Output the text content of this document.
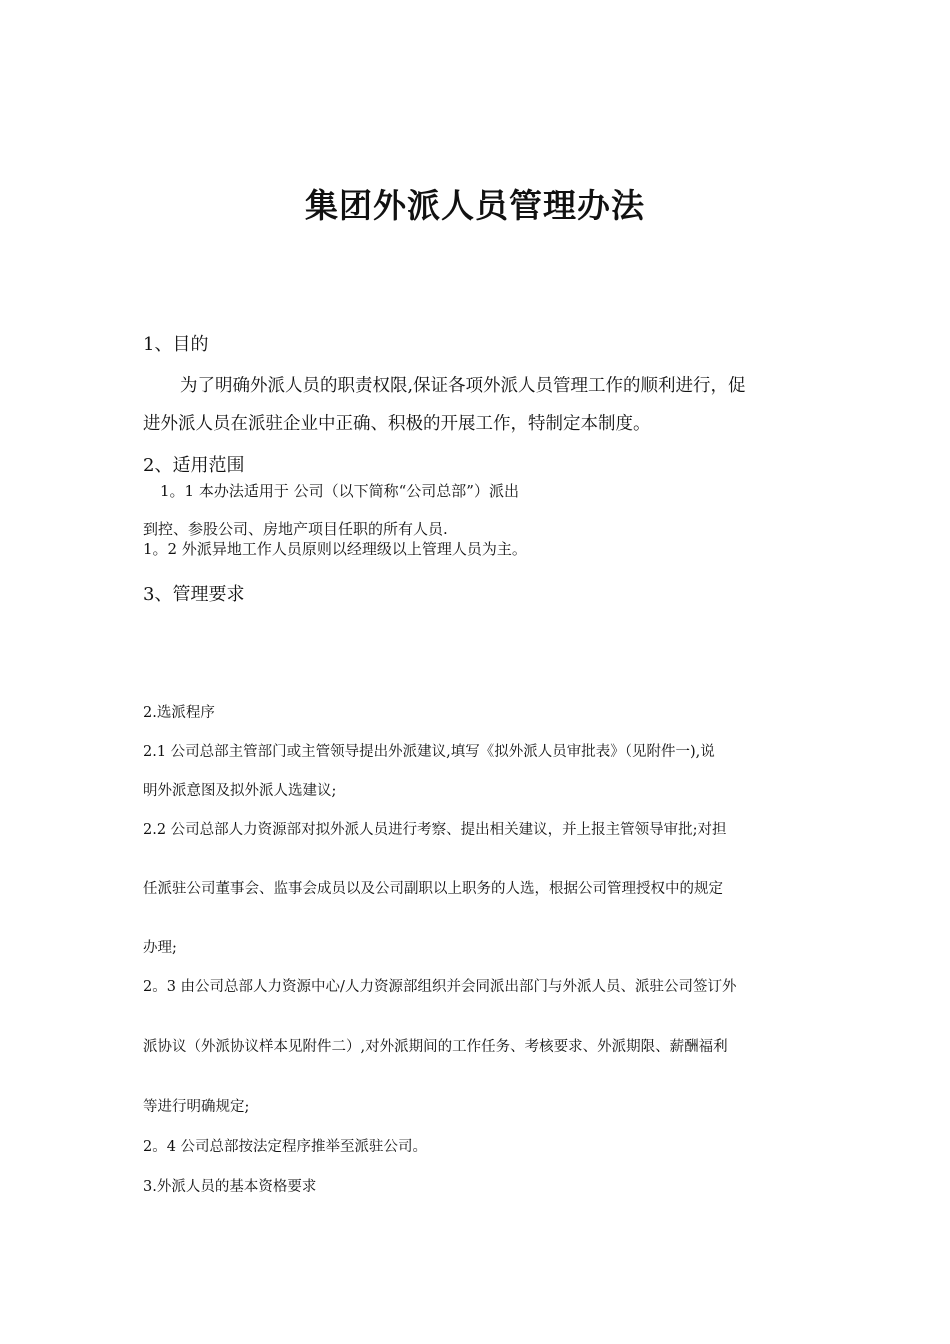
集团外派人员管理办法

1、目的

为了明确外派人员的职责权限,保证各项外派人员管理工作的顺利进行，促

进外派人员在派驻企业中正确、积极的开展工作，特制定本制度。

2、适用范围

1。1 本办法适用于 公司（以下简称“公司总部”）派出

到控、参股公司、房地产项目任职的所有人员.

1。2 外派异地工作人员原则以经理级以上管理人员为主。

3、管理要求

2.选派程序

2.1 公司总部主管部门或主管领导提出外派建议,填写《拟外派人员审批表》（见附件一),说

明外派意图及拟外派人选建议;

2.2 公司总部人力资源部对拟外派人员进行考察、提出相关建议，并上报主管领导审批;对担

任派驻公司董事会、监事会成员以及公司副职以上职务的人选，根据公司管理授权中的规定

办理;

2。3 由公司总部人力资源中心/人力资源部组织并会同派出部门与外派人员、派驻公司签订外

派协议（外派协议样本见附件二）,对外派期间的工作任务、考核要求、外派期限、薪酬福利

等进行明确规定;

2。4 公司总部按法定程序推举至派驻公司。

3.外派人员的基本资格要求
